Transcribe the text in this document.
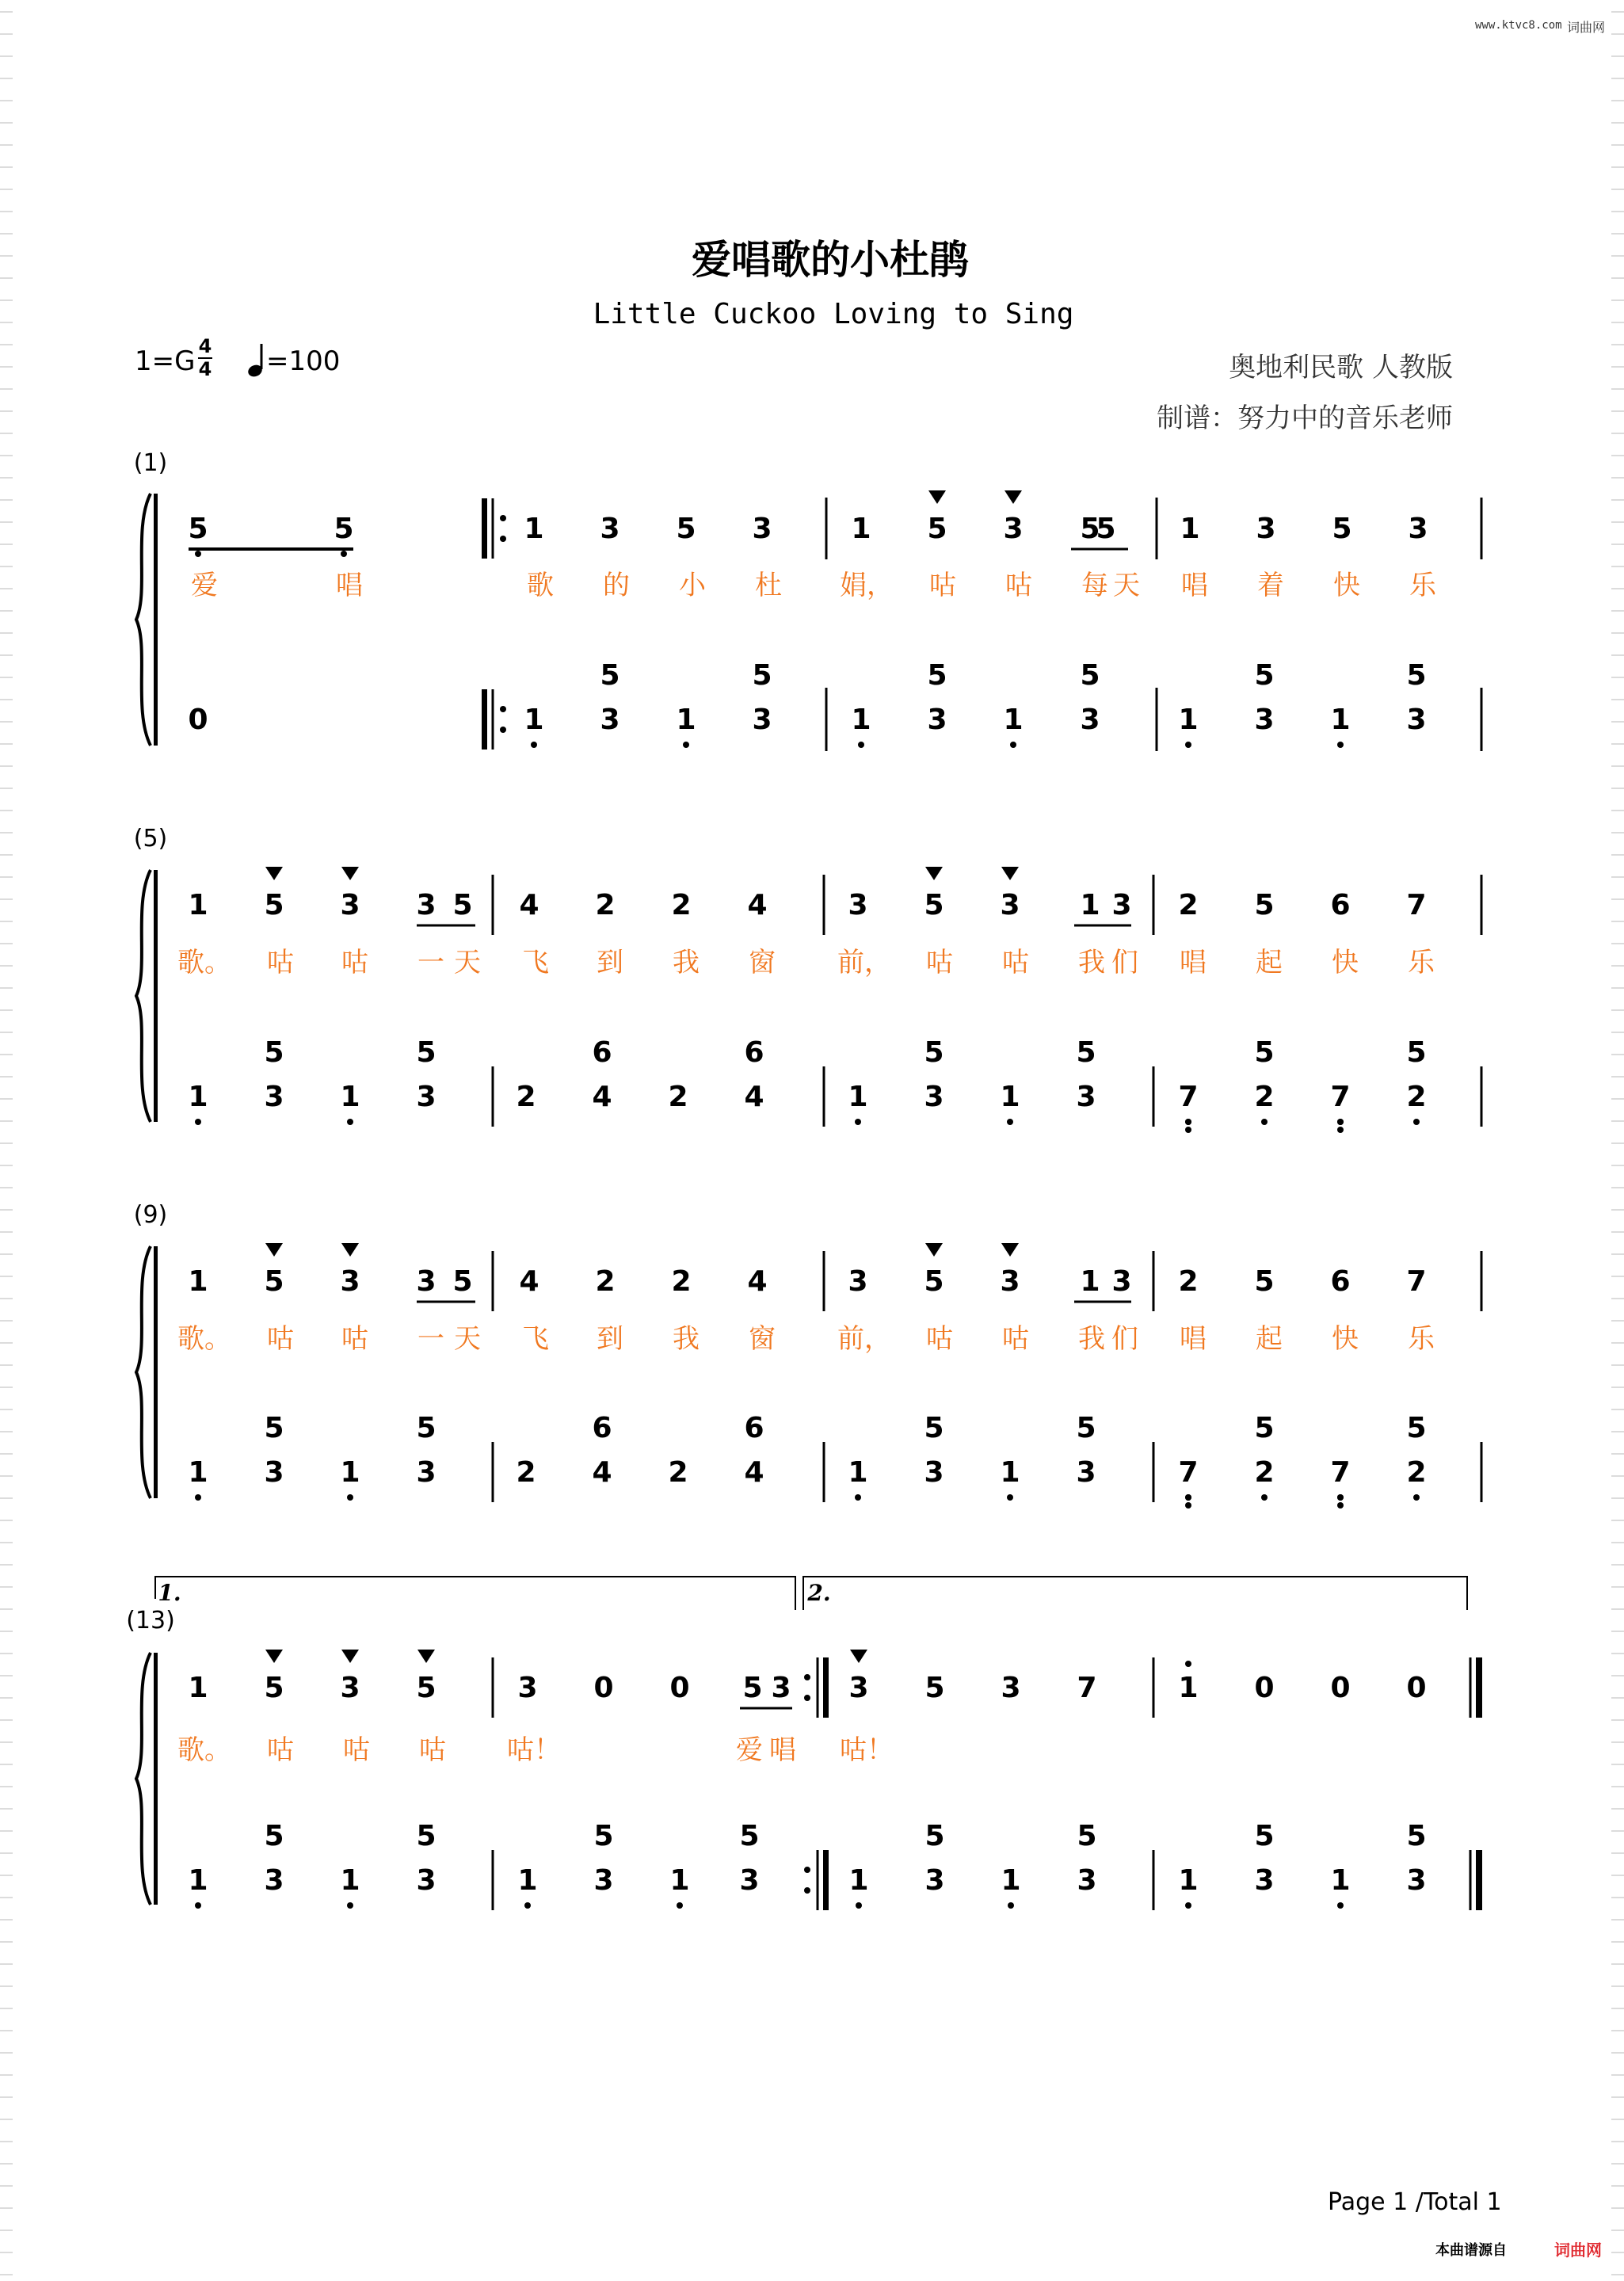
www.ktvc8.com 词曲网
爱唱歌的小杜鹃
Little Cuckoo Loving to Sing
1=G 4
4 =100	奥地利民歌 人教版
制谱：努力中的音乐老师
(1)
5	5	1 3 5 3	1 5 3 5
5 1 3 5 3
爱	唱	歌 的 小 杜 娟， 咕 咕 每 天 唱 着 快 乐
0	1 3 1 3	1 3 1 3	1 3 1 3
5	5	5	5	5	5
(5)
1 5 3 3 5 4 2 2 4	3 5 3 1 3 2 5 6 7
歌。 咕 咕 一 天 飞 到 我 窗 前， 咕 咕 我 们 唱 起 快 乐
1 3 1 3	2 4 2 4	1 3 1 3	7 2 7 2
5	5	6	6	5	5	5	5
(9)
1 5 3 3 5 4 2 2 4	3 5 3 1 3 2 5 6 7
歌。 咕 咕 一 天 飞 到 我 窗 前， 咕 咕 我 们 唱 起 快 乐
1 3 1 3	2 4 2 4	1 3 1 3	7 2 7 2
5	5	6	6	5	5	5	5
(13)
1 5 3 5	3 0 0 5 3 3 5 3 7	1 0 0 0
歌。 咕 咕 咕 咕！	爱 唱 咕！
1 3 1 3	1 3 1 3	1 3 1 3	1 3 1 3
5	5	5	5	5	5	5	5
1.	2.
Page 1 /Total 1
本曲谱源自	词曲网
